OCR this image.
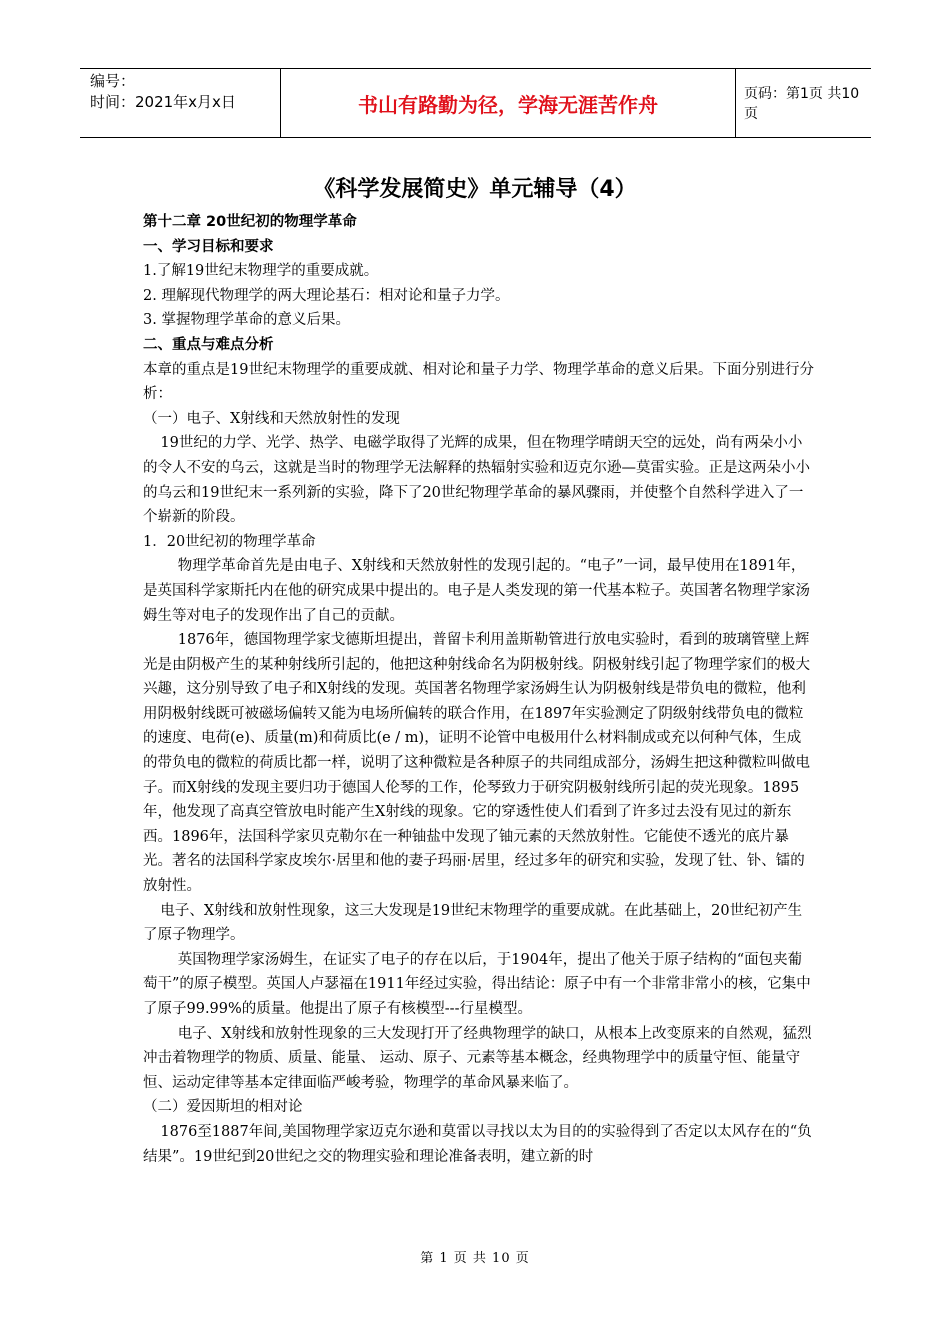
编号：
时间：2021年x月x日	书山有路勤为径，学海无涯苦作舟	页码：第1页 共10页
《科学发展简史》单元辅导（4）

第十二章 20世纪初的物理学革命

一、学习目标和要求

1.了解19世纪末物理学的重要成就。

2. 理解现代物理学的两大理论基石：相对论和量子力学。

3. 掌握物理学革命的意义后果。

二、重点与难点分析

本章的重点是19世纪末物理学的重要成就、相对论和量子力学、物理学革命的意义后果。下面分别进行分析：

（一）电子、X射线和天然放射性的发现

19世纪的力学、光学、热学、电磁学取得了光辉的成果，但在物理学晴朗天空的远处，尚有两朵小小的令人不安的乌云，这就是当时的物理学无法解释的热辐射实验和迈克尔逊—莫雷实验。正是这两朵小小的乌云和19世纪末一系列新的实验，降下了20世纪物理学革命的暴风骤雨，并使整个自然科学进入了一个崭新的阶段。

1．20世纪初的物理学革命

物理学革命首先是由电子、X射线和天然放射性的发现引起的。“电子”一词，最早使用在1891年，是英国科学家斯托内在他的研究成果中提出的。电子是人类发现的第一代基本粒子。英国著名物理学家汤姆生等对电子的发现作出了自己的贡献。

1876年，德国物理学家戈德斯坦提出，普留卡利用盖斯勒管进行放电实验时，看到的玻璃管壁上辉光是由阴极产生的某种射线所引起的，他把这种射线命名为阴极射线。阴极射线引起了物理学家们的极大兴趣，这分别导致了电子和X射线的发现。英国著名物理学家汤姆生认为阴极射线是带负电的微粒，他利用阴极射线既可被磁场偏转又能为电场所偏转的联合作用，在1897年实验测定了阴级射线带负电的微粒的速度、电荷(e)、质量(m)和荷质比(e / m)，证明不论管中电极用什么材料制成或充以何种气体，生成的带负电的微粒的荷质比都一样，说明了这种微粒是各种原子的共同组成部分，汤姆生把这种微粒叫做电子。而X射线的发现主要归功于德国人伦琴的工作，伦琴致力于研究阴极射线所引起的荧光现象。1895年，他发现了高真空管放电时能产生X射线的现象。它的穿透性使人们看到了许多过去没有见过的新东西。1896年，法国科学家贝克勒尔在一种铀盐中发现了铀元素的天然放射性。它能使不透光的底片暴光。著名的法国科学家皮埃尔·居里和他的妻子玛丽·居里，经过多年的研究和实验，发现了钍、钋、镭的放射性。

电子、X射线和放射性现象，这三大发现是19世纪末物理学的重要成就。在此基础上，20世纪初产生了原子物理学。

英国物理学家汤姆生，在证实了电子的存在以后，于1904年，提出了他关于原子结构的“面包夹葡萄干”的原子模型。英国人卢瑟福在1911年经过实验，得出结论：原子中有一个非常非常小的核，它集中了原子99.99%的质量。他提出了原子有核模型---行星模型。

电子、X射线和放射性现象的三大发现打开了经典物理学的缺口，从根本上改变原来的自然观，猛烈冲击着物理学的物质、质量、能量、 运动、原子、元素等基本概念，经典物理学中的质量守恒、能量守恒、运动定律等基本定律面临严峻考验，物理学的革命风暴来临了。

（二）爱因斯坦的相对论

1876至1887年间,美国物理学家迈克尔逊和莫雷以寻找以太为目的的实验得到了否定以太风存在的“负结果”。19世纪到20世纪之交的物理实验和理论准备表明，建立新的时

第 1 页 共 10 页
